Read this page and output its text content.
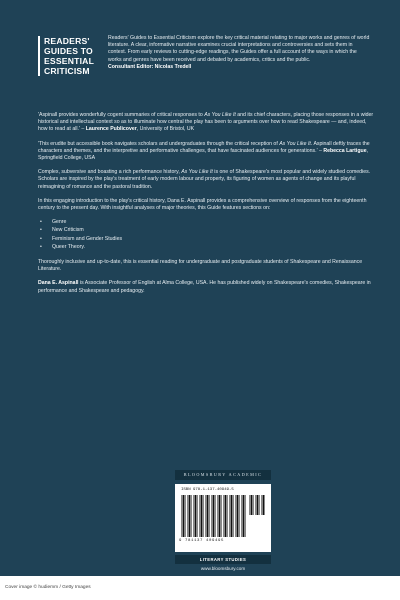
READERS'
GUIDES TO
ESSENTIAL
CRITICISM
Readers' Guides to Essential Criticism explore the key critical material relating to major works and genres of world literature. A clear, informative narrative examines crucial interpretations and controversies and sets them in context. From early reviews to cutting-edge readings, the Guides offer a full account of the ways in which the works and genres have been received and debated by academics, critics and the public.
Consultant Editor: Nicolas Tredell

'Aspinall provides wonderfully cogent summaries of critical responses to As You Like It and its chief characters, placing those responses in a wider historical and intellectual context so as to illuminate how central the play has been to arguments over how to read Shakespeare — and, indeed, how to read at all.' – Laurence Publicover, University of Bristol, UK

'This erudite but accessible book navigates scholars and undergraduates through the critical reception of As You Like It. Aspinall deftly traces the characters and themes, and the interpretive and performative challenges, that have fascinated audiences for generations.' – Rebecca Lartigue, Springfield College, USA

Complex, subversive and boasting a rich performance history, As You Like It is one of Shakespeare's most popular and widely studied comedies. Scholars are inspired by the play's treatment of early modern labour and property, its figuring of women as agents of change and its playful reimagining of romance and the pastoral tradition.

In this engaging introduction to the play's critical history, Dana E. Aspinall provides a comprehensive overview of responses from the eighteenth century to the present day. With insightful analyses of major theories, this Guide features sections on:

• Genre
• New Criticism
• Feminism and Gender Studies
• Queer Theory.

Thoroughly inclusive and up-to-date, this is essential reading for undergraduate and postgraduate students of Shakespeare and Renaissance Literature.

Dana E. Aspinall is Associate Professor of English at Alma College, USA. He has published widely on Shakespeare's comedies, Shakespeare in performance and Shakespeare and pedagogy.

BLOOMSBURY ACADEMIC
ISBN 978-1-137-40949-5
9 781137 409495
LITERARY STUDIES
www.bloomsbury.com
Cover image © hudiemm / Getty Images
